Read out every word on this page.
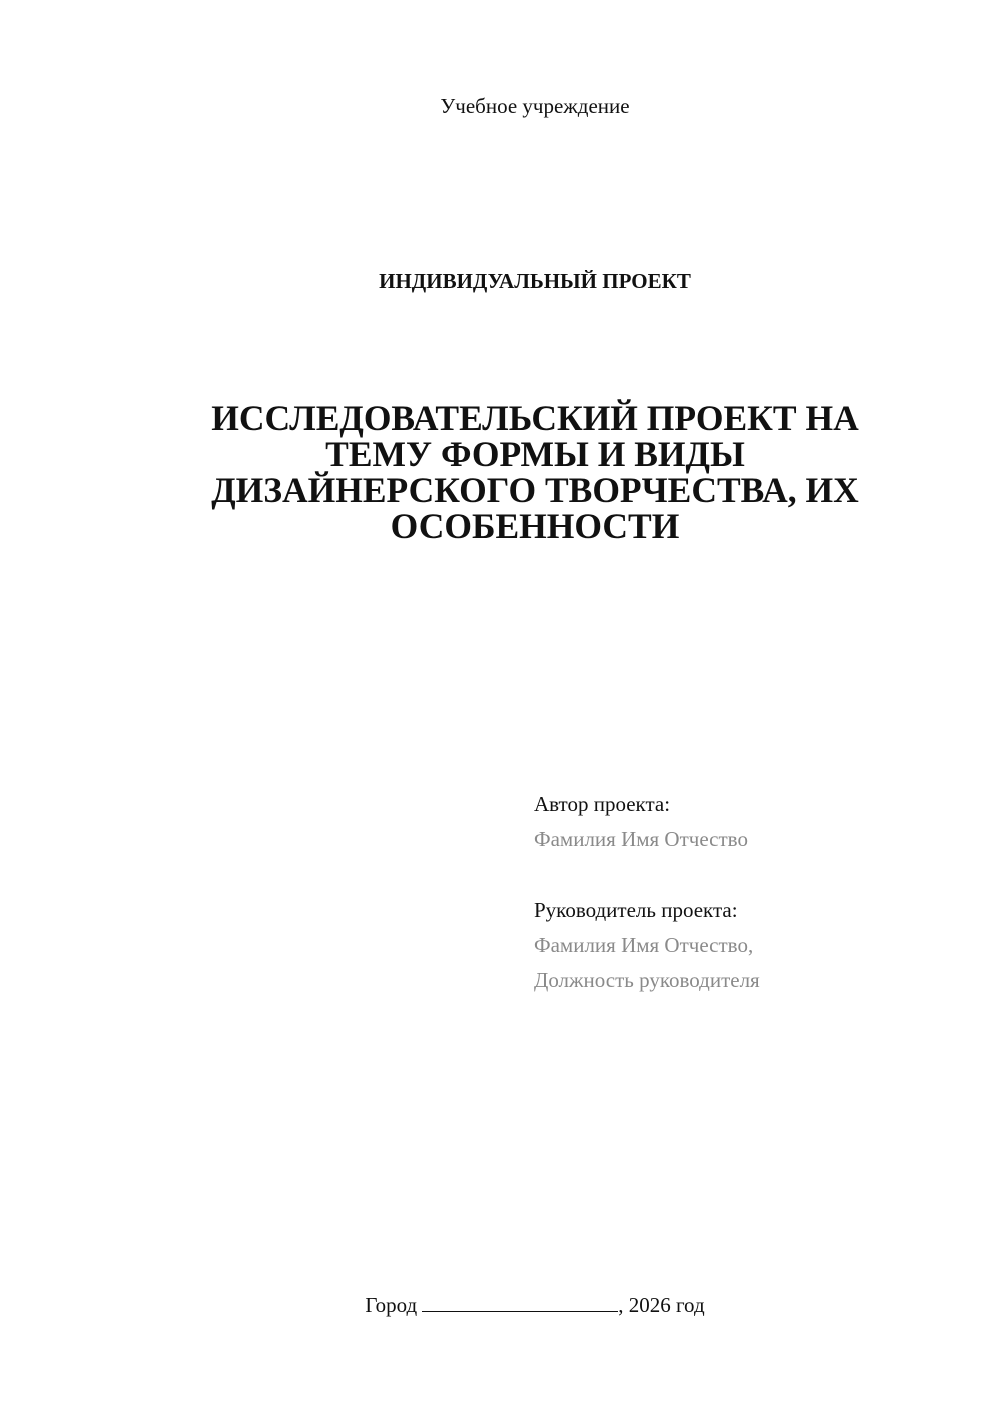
Учебное учреждение
ИНДИВИДУАЛЬНЫЙ ПРОЕКТ
ИССЛЕДОВАТЕЛЬСКИЙ ПРОЕКТ НА
ТЕМУ ФОРМЫ И ВИДЫ
ДИЗАЙНЕРСКОГО ТВОРЧЕСТВА, ИХ
ОСОБЕННОСТИ
Автор проекта:
Фамилия Имя Отчество
Руководитель проекта:
Фамилия Имя Отчество,
Должность руководителя
Город	, 2026 год
